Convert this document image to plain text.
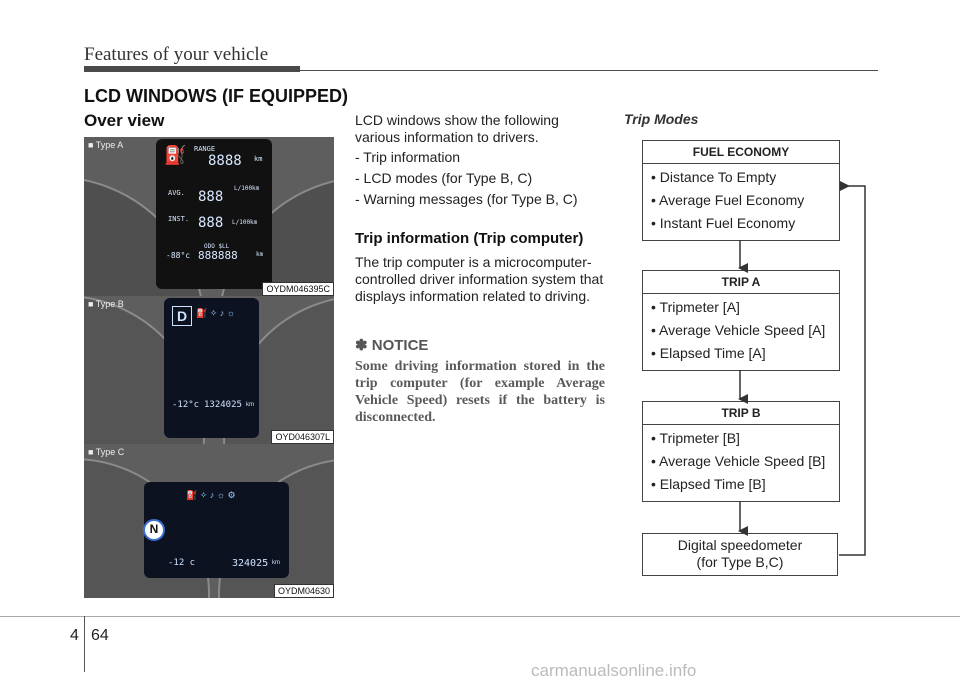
Features of your vehicle
LCD WINDOWS (IF EQUIPPED)
Over view
■ Type A ⛽ RANGE
8888 km
AVG. 888
L/100km
INST. 888 L/100km
ODO $LL
-88°c 888888	km
OYDM046395C
■ Type B
D ⛽ ✧ ♪ ☼
-12°c 1324025 km
OYD046307L
■ Type C
N
⛽ ✧ ♪ ☼ ⚙
-12 c	324025 km
OYDM04630
LCD windows show the following various information to drivers.
- Trip information
- LCD modes (for Type B, C)
- Warning messages (for Type B, C)
Trip information (Trip computer)
The trip computer is a microcomputer-controlled driver information system that displays information related to driving.
✽ NOTICE
Some driving information stored in the trip computer (for example Average Vehicle Speed) resets if the battery is disconnected.
Trip Modes
FUEL ECONOMY
• Distance To Empty
• Average Fuel Economy
• Instant Fuel Economy
TRIP A
• Tripmeter [A]
• Average Vehicle Speed [A]
• Elapsed Time [A]
TRIP B
• Tripmeter [B]
• Average Vehicle Speed [B]
• Elapsed Time [B]
Digital speedometer
(for Type B,C)
4 64
carmanualsonline.info
